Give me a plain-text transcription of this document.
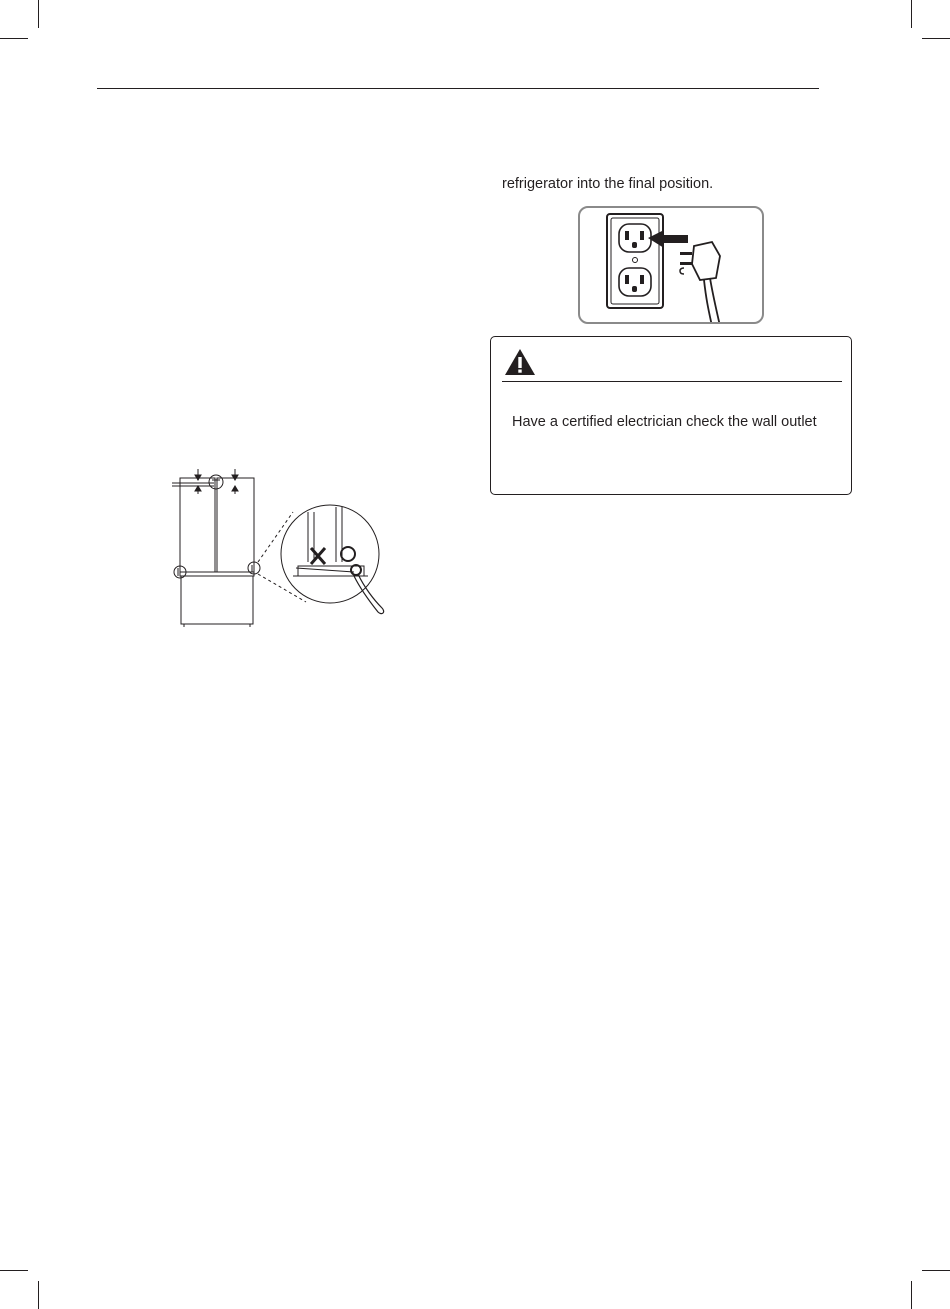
refrigerator into the final position.
Have a certified electrician check the wall outlet
